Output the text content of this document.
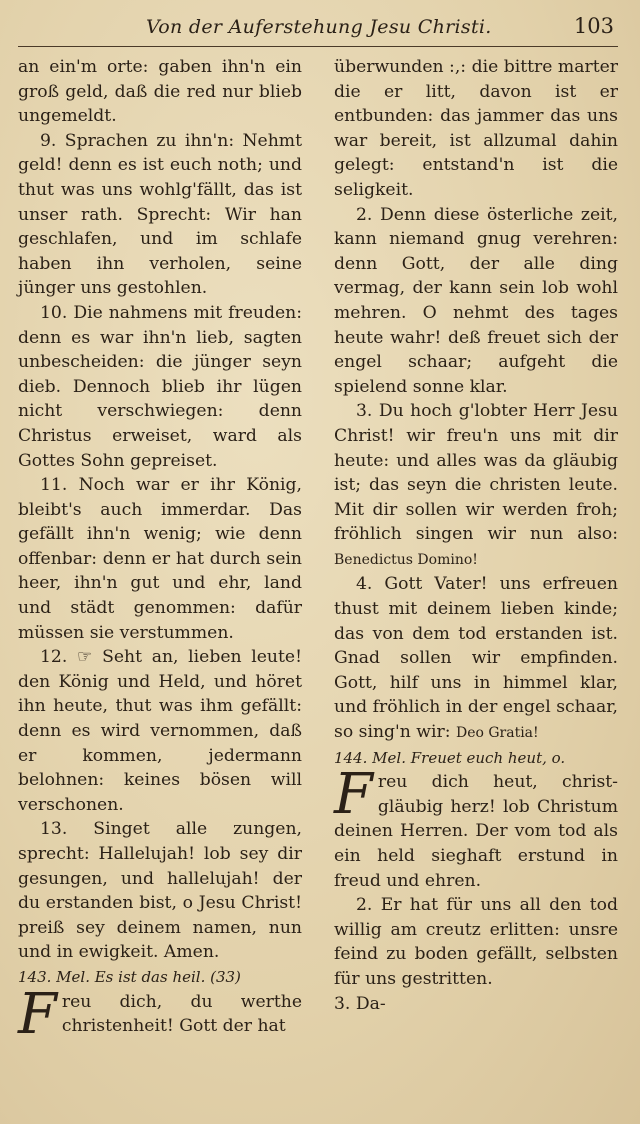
Von der Auferstehung Jesu Christi.	103

an ein'm orte: gaben ihn'n ein groß geld, daß die red nur blieb ungemeldt.

9. Sprachen zu ihn'n: Nehmt geld! denn es ist euch noth; und thut was uns wohlg'fällt, das ist unser rath. Sprecht: Wir han geschlafen, und im schlafe haben ihn verholen, seine jünger uns gestohlen.

10. Die nahmens mit freuden: denn es war ihn'n lieb, sagten unbescheiden: die jünger seyn dieb. Dennoch blieb ihr lügen nicht verschwiegen: denn Christus erweiset, ward als Gottes Sohn gepreiset.

11. Noch war er ihr König, bleibt's auch immerdar. Das gefällt ihn'n wenig; wie denn offenbar: denn er hat durch sein heer, ihn'n gut und ehr, land und städt genommen: dafür müssen sie verstummen.

12. ☞ Seht an, lieben leute! den König und Held, und höret ihn heute, thut was ihm gefällt: denn es wird vernommen, daß er kommen, jedermann belohnen: keines bösen will verschonen.

13. Singet alle zungen, sprecht: Hallelujah! lob sey dir gesungen, und hallelujah! der du erstanden bist, o Jesu Christ! preiß sey deinem namen, nun und in ewigkeit. Amen.

143. Mel. Es ist das heil. (33)

Freu dich, du werthe christenheit! Gott der hat

überwunden :,: die bittre marter die er litt, davon ist er entbunden: das jammer das uns war bereit, ist allzumal dahin gelegt: entstand'n ist die seligkeit.

2. Denn diese österliche zeit, kann niemand gnug verehren: denn Gott, der alle ding vermag, der kann sein lob wohl mehren. O nehmt des tages heute wahr! deß freuet sich der engel schaar; aufgeht die spielend sonne klar.

3. Du hoch g'lobter Herr Jesu Christ! wir freu'n uns mit dir heute: und alles was da gläubig ist; das seyn die christen leute. Mit dir sollen wir werden froh; fröhlich singen wir nun also: Benedictus Domino!

4. Gott Vater! uns erfreuen thust mit deinem lieben kinde; das von dem tod erstanden ist. Gnad sollen wir empfinden. Gott, hilf uns in himmel klar, und fröhlich in der engel schaar, so sing'n wir: Deo Gratia!

144. Mel. Freuet euch heut, o.

Freu dich heut, christ-gläubig herz! lob Christum deinen Herren. Der vom tod als ein held sieghaft erstund in freud und ehren.

2. Er hat für uns all den tod willig am creutz erlitten: unsre feind zu boden gefällt, selbsten für uns gestritten.

3. Da-
